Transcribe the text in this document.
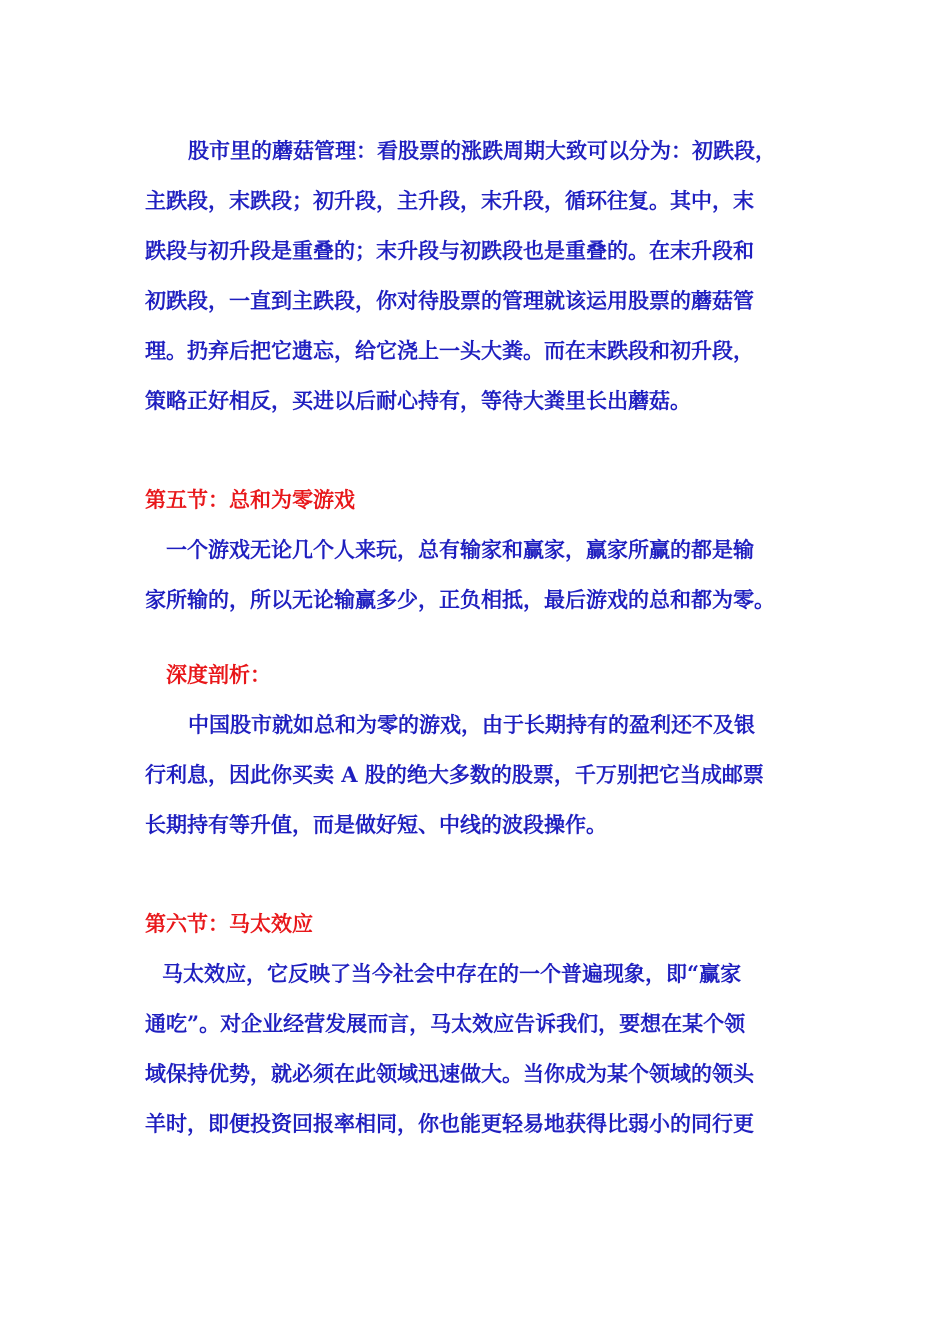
股市里的蘑菇管理：看股票的涨跌周期大致可以分为：初跌段，
主跌段，末跌段；初升段，主升段，末升段，循环往复。其中，末
跌段与初升段是重叠的；末升段与初跌段也是重叠的。在末升段和
初跌段，一直到主跌段，你对待股票的管理就该运用股票的蘑菇管
理。扔弃后把它遗忘，给它浇上一头大粪。而在末跌段和初升段，
策略正好相反，买进以后耐心持有，等待大粪里长出蘑菇。
第五节：总和为零游戏
一个游戏无论几个人来玩，总有输家和赢家，赢家所赢的都是输
家所输的，所以无论输赢多少，正负相抵，最后游戏的总和都为零。
深度剖析：
中国股市就如总和为零的游戏，由于长期持有的盈利还不及银
行利息，因此你买卖 A 股的绝大多数的股票，千万别把它当成邮票
长期持有等升值，而是做好短、中线的波段操作。
第六节：马太效应
马太效应，它反映了当今社会中存在的一个普遍现象，即“赢家
通吃”。对企业经营发展而言，马太效应告诉我们，要想在某个领
域保持优势，就必须在此领域迅速做大。当你成为某个领域的领头
羊时，即便投资回报率相同，你也能更轻易地获得比弱小的同行更
